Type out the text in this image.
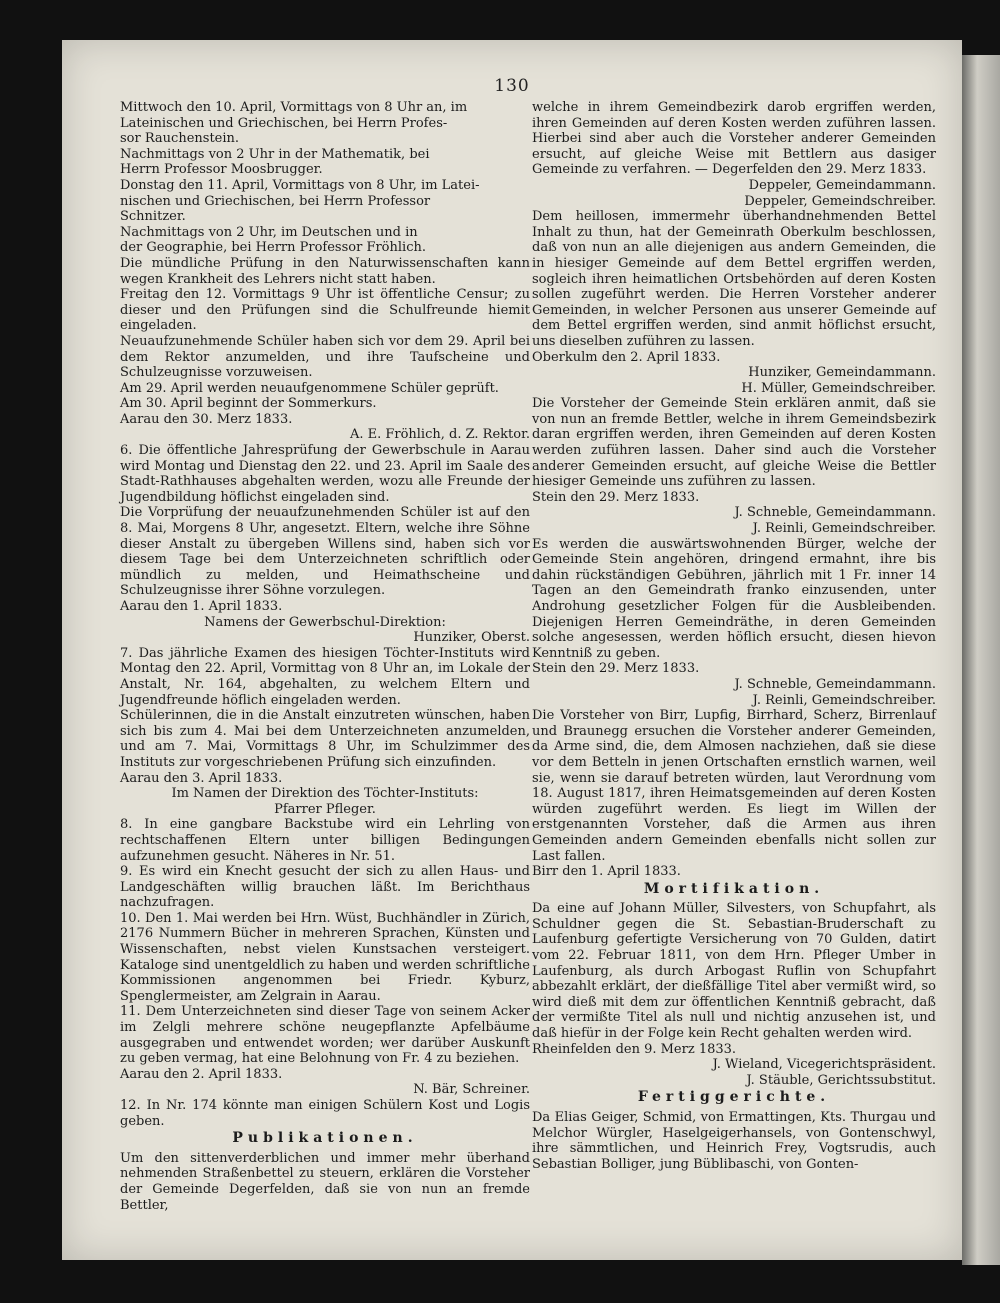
130

Mittwoch den 10. April, Vormittags von 8 Uhr an, im
Lateinischen und Griechischen, bei Herrn Profes-
sor Rauchenstein.
Nachmittags von 2 Uhr in der Mathematik, bei
Herrn Professor Moosbrugger.

Donstag den 11. April, Vormittags von 8 Uhr, im Latei-
nischen und Griechischen, bei Herrn Professor
Schnitzer.
Nachmittags von 2 Uhr, im Deutschen und in
der Geographie, bei Herrn Professor Fröhlich.

Die mündliche Prüfung in den Naturwissenschaften kann wegen Krankheit des Lehrers nicht statt haben.

Freitag den 12. Vormittags 9 Uhr ist öffentliche Censur; zu dieser und den Prüfungen sind die Schulfreunde hiemit eingeladen.

Neuaufzunehmende Schüler haben sich vor dem 29. April bei dem Rektor anzumelden, und ihre Taufscheine und Schulzeugnisse vorzuweisen.

Am 29. April werden neuaufgenommene Schüler geprüft.

Am 30. April beginnt der Sommerkurs.

Aarau den 30. Merz 1833.

A. E. Fröhlich, d. Z. Rektor.

6. Die öffentliche Jahresprüfung der Gewerbschule in Aarau wird Montag und Dienstag den 22. und 23. April im Saale des Stadt-Rathhauses abgehalten werden, wozu alle Freunde der Jugendbildung höflichst eingeladen sind.

Die Vorprüfung der neuaufzunehmenden Schüler ist auf den 8. Mai, Morgens 8 Uhr, angesetzt. Eltern, welche ihre Söhne dieser Anstalt zu übergeben Willens sind, haben sich vor diesem Tage bei dem Unterzeichneten schriftlich oder mündlich zu melden, und Heimathscheine und Schulzeugnisse ihrer Söhne vorzulegen.

Aarau den 1. April 1833.

Namens der Gewerbschul-Direktion:

Hunziker, Oberst.

7. Das jährliche Examen des hiesigen Töchter-Instituts wird Montag den 22. April, Vormittag von 8 Uhr an, im Lokale der Anstalt, Nr. 164, abgehalten, zu welchem Eltern und Jugendfreunde höflich eingeladen werden.

Schülerinnen, die in die Anstalt einzutreten wünschen, haben sich bis zum 4. Mai bei dem Unterzeichneten anzumelden, und am 7. Mai, Vormittags 8 Uhr, im Schulzimmer des Instituts zur vorgeschriebenen Prüfung sich einzufinden.

Aarau den 3. April 1833.

Im Namen der Direktion des Töchter-Instituts:

Pfarrer Pfleger.

8. In eine gangbare Backstube wird ein Lehrling von rechtschaffenen Eltern unter billigen Bedingungen aufzunehmen gesucht. Näheres in Nr. 51.

9. Es wird ein Knecht gesucht der sich zu allen Haus- und Landgeschäften willig brauchen läßt. Im Berichthaus nachzufragen.

10. Den 1. Mai werden bei Hrn. Wüst, Buchhändler in Zürich, 2176 Nummern Bücher in mehreren Sprachen, Künsten und Wissenschaften, nebst vielen Kunstsachen versteigert. Kataloge sind unentgeldlich zu haben und werden schriftliche Kommissionen angenommen bei Friedr. Kyburz, Spenglermeister, am Zelgrain in Aarau.

11. Dem Unterzeichneten sind dieser Tage von seinem Acker im Zelgli mehrere schöne neugepflanzte Apfelbäume ausgegraben und entwendet worden; wer darüber Auskunft zu geben vermag, hat eine Belohnung von Fr. 4 zu beziehen.

Aarau den 2. April 1833.

N. Bär, Schreiner.

12. In Nr. 174 könnte man einigen Schülern Kost und Logis geben.

Publikationen.

Um den sittenverderblichen und immer mehr überhand nehmenden Straßenbettel zu steuern, erklären die Vorsteher der Gemeinde Degerfelden, daß sie von nun an fremde Bettler,

welche in ihrem Gemeindbezirk darob ergriffen werden, ihren Gemeinden auf deren Kosten werden zuführen lassen. Hierbei sind aber auch die Vorsteher anderer Gemeinden ersucht, auf gleiche Weise mit Bettlern aus dasiger Gemeinde zu verfahren. — Degerfelden den 29. Merz 1833.

Deppeler, Gemeindammann.
Deppeler, Gemeindschreiber.

Dem heillosen, immermehr überhandnehmenden Bettel Inhalt zu thun, hat der Gemeinrath Oberkulm beschlossen, daß von nun an alle diejenigen aus andern Gemeinden, die in hiesiger Gemeinde auf dem Bettel ergriffen werden, sogleich ihren heimatlichen Ortsbehörden auf deren Kosten sollen zugeführt werden. Die Herren Vorsteher anderer Gemeinden, in welcher Personen aus unserer Gemeinde auf dem Bettel ergriffen werden, sind anmit höflichst ersucht, uns dieselben zuführen zu lassen.

Oberkulm den 2. April 1833.

Hunziker, Gemeindammann.
H. Müller, Gemeindschreiber.

Die Vorsteher der Gemeinde Stein erklären anmit, daß sie von nun an fremde Bettler, welche in ihrem Gemeindsbezirk daran ergriffen werden, ihren Gemeinden auf deren Kosten werden zuführen lassen. Daher sind auch die Vorsteher anderer Gemeinden ersucht, auf gleiche Weise die Bettler hiesiger Gemeinde uns zuführen zu lassen.

Stein den 29. Merz 1833.

J. Schneble, Gemeindammann.
J. Reinli, Gemeindschreiber.

Es werden die auswärtswohnenden Bürger, welche der Gemeinde Stein angehören, dringend ermahnt, ihre bis dahin rückständigen Gebühren, jährlich mit 1 Fr. inner 14 Tagen an den Gemeindrath franko einzusenden, unter Androhung gesetzlicher Folgen für die Ausbleibenden. Diejenigen Herren Gemeindräthe, in deren Gemeinden solche angesessen, werden höflich ersucht, diesen hievon Kenntniß zu geben.

Stein den 29. Merz 1833.

J. Schneble, Gemeindammann.
J. Reinli, Gemeindschreiber.

Die Vorsteher von Birr, Lupfig, Birrhard, Scherz, Birrenlauf und Braunegg ersuchen die Vorsteher anderer Gemeinden, da Arme sind, die, dem Almosen nachziehen, daß sie diese vor dem Betteln in jenen Ortschaften ernstlich warnen, weil sie, wenn sie darauf betreten würden, laut Verordnung vom 18. August 1817, ihren Heimatsgemeinden auf deren Kosten würden zugeführt werden. Es liegt im Willen der erstgenannten Vorsteher, daß die Armen aus ihren Gemeinden andern Gemeinden ebenfalls nicht sollen zur Last fallen.

Birr den 1. April 1833.

Mortifikation.

Da eine auf Johann Müller, Silvesters, von Schupfahrt, als Schuldner gegen die St. Sebastian-Bruderschaft zu Laufenburg gefertigte Versicherung von 70 Gulden, datirt vom 22. Februar 1811, von dem Hrn. Pfleger Umber in Laufenburg, als durch Arbogast Ruflin von Schupfahrt abbezahlt erklärt, der dießfällige Titel aber vermißt wird, so wird dieß mit dem zur öffentlichen Kenntniß gebracht, daß der vermißte Titel als null und nichtig anzusehen ist, und daß hiefür in der Folge kein Recht gehalten werden wird.

Rheinfelden den 9. Merz 1833.

J. Wieland, Vicegerichtspräsident.
J. Stäuble, Gerichtssubstitut.

Fertiggerichte.

Da Elias Geiger, Schmid, von Ermattingen, Kts. Thurgau und Melchor Würgler, Haselgeigerhansels, von Gontenschwyl, ihre sämmtlichen, und Heinrich Frey, Vogtsrudis, auch Sebastian Bolliger, jung Büblibaschi, von Gonten-
